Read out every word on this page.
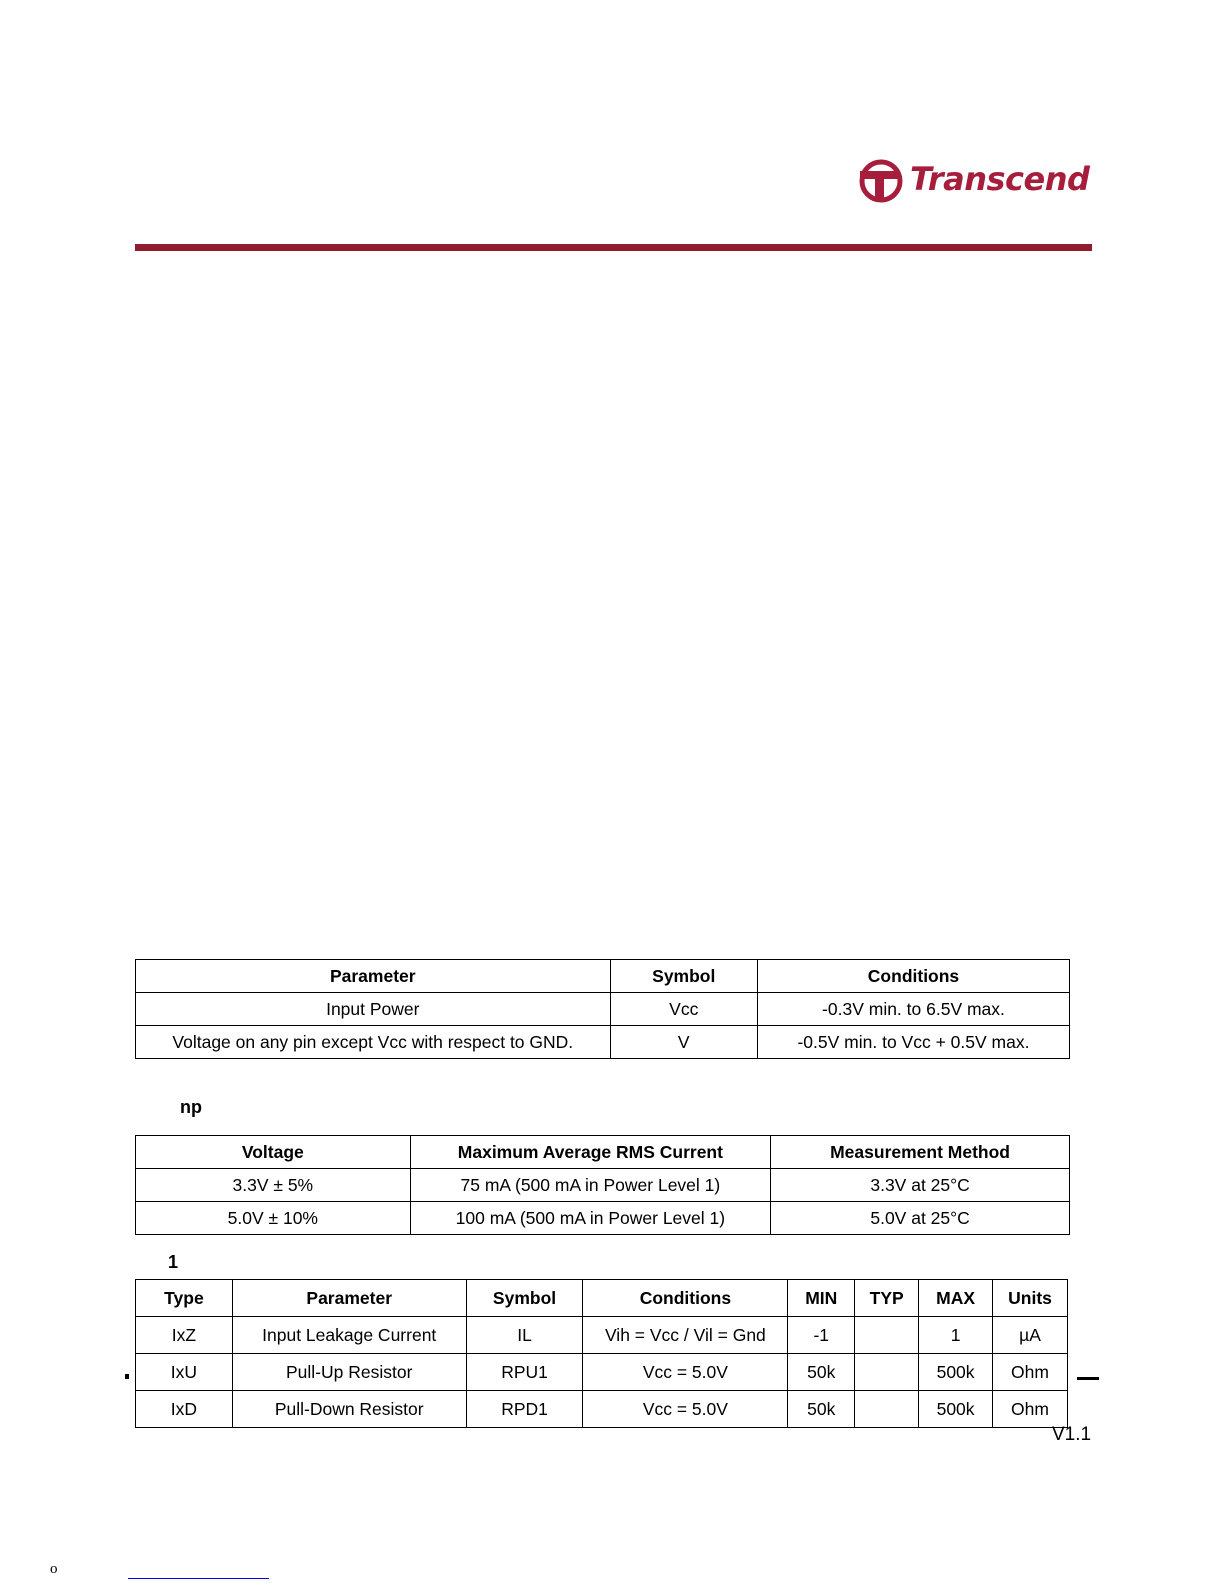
Transcend
Parameter	Symbol	Conditions
Input Power	Vcc	-0.3V min. to 6.5V max.
Voltage on any pin except Vcc with respect to GND.	V	-0.5V min. to Vcc + 0.5V max.
np
Voltage	Maximum Average RMS Current	Measurement Method
3.3V ± 5%	75 mA (500 mA in Power Level 1)	3.3V at 25°C
5.0V ± 10%	100 mA (500 mA in Power Level 1)	5.0V at 25°C
1
Type	Parameter	Symbol	Conditions	MIN	TYP	MAX	Units
IxZ	Input Leakage Current	IL	Vih = Vcc / Vil = Gnd	-1		1	µA
IxU	Pull-Up Resistor	RPU1	Vcc = 5.0V	50k		500k	Ohm
IxD	Pull-Down Resistor	RPD1	Vcc = 5.0V	50k		500k	Ohm
V1.1
o
